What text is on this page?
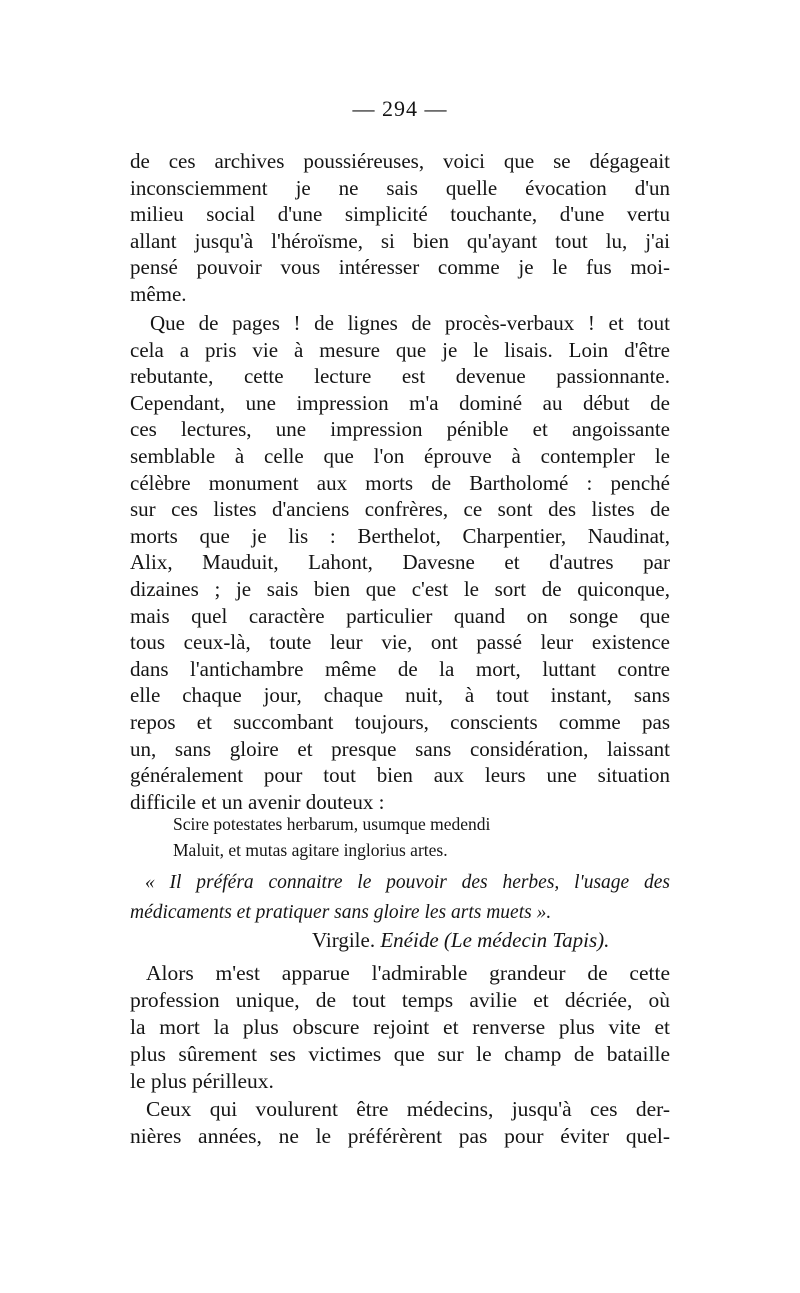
— 294 —

de ces archives poussiéreuses, voici que se dégageait
inconsciemment je ne sais quelle évocation d'un
milieu social d'une simplicité touchante, d'une vertu
allant jusqu'à l'héroïsme, si bien qu'ayant tout lu, j'ai
pensé pouvoir vous intéresser comme je le fus moi-
même.

Que de pages ! de lignes de procès-verbaux ! et tout
cela a pris vie à mesure que je le lisais. Loin d'être
rebutante, cette lecture est devenue passionnante.
Cependant, une impression m'a dominé au début de
ces lectures, une impression pénible et angoissante
semblable à celle que l'on éprouve à contempler le
célèbre monument aux morts de Bartholomé : penché
sur ces listes d'anciens confrères, ce sont des listes de
morts que je lis : Berthelot, Charpentier, Naudinat,
Alix, Mauduit, Lahont, Davesne et d'autres par
dizaines ; je sais bien que c'est le sort de quiconque,
mais quel caractère particulier quand on songe que
tous ceux-là, toute leur vie, ont passé leur existence
dans l'antichambre même de la mort, luttant contre
elle chaque jour, chaque nuit, à tout instant, sans
repos et succombant toujours, conscients comme pas
un, sans gloire et presque sans considération, laissant
généralement pour tout bien aux leurs une situation
difficile et un avenir douteux :

Scire potestates herbarum, usumque medendi
Maluit, et mutas agitare inglorius artes.

« Il préféra connaitre le pouvoir des herbes, l'usage des
médicaments et pratiquer sans gloire les arts muets ».

Virgile. Enéide (Le médecin Tapis).

Alors m'est apparue l'admirable grandeur de cette
profession unique, de tout temps avilie et décriée, où
la mort la plus obscure rejoint et renverse plus vite et
plus sûrement ses victimes que sur le champ de bataille
le plus périlleux.

Ceux qui voulurent être médecins, jusqu'à ces der-
nières années, ne le préférèrent pas pour éviter quel-
